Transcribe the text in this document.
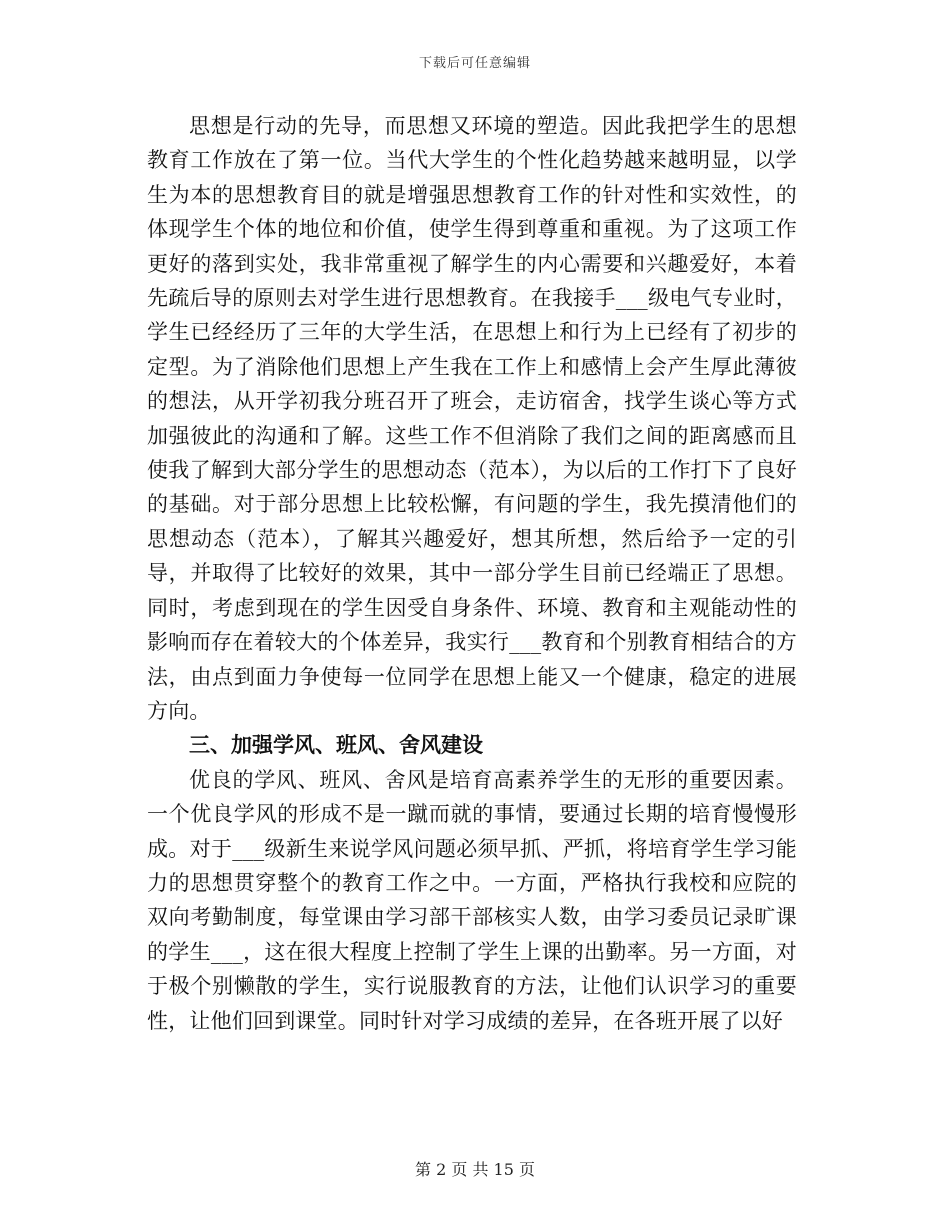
下载后可任意编辑

思想是行动的先导，而思想又环境的塑造。因此我把学生的思想教育工作放在了第一位。当代大学生的个性化趋势越来越明显，以学生为本的思想教育目的就是增强思想教育工作的针对性和实效性，的体现学生个体的地位和价值，使学生得到尊重和重视。为了这项工作更好的落到实处，我非常重视了解学生的内心需要和兴趣爱好，本着先疏后导的原则去对学生进行思想教育。在我接手___级电气专业时，学生已经经历了三年的大学生活，在思想上和行为上已经有了初步的定型。为了消除他们思想上产生我在工作上和感情上会产生厚此薄彼的想法，从开学初我分班召开了班会，走访宿舍，找学生谈心等方式加强彼此的沟通和了解。这些工作不但消除了我们之间的距离感而且使我了解到大部分学生的思想动态（范本），为以后的工作打下了良好的基础。对于部分思想上比较松懈，有问题的学生，我先摸清他们的思想动态（范本），了解其兴趣爱好，想其所想，然后给予一定的引导，并取得了比较好的效果，其中一部分学生目前已经端正了思想。同时，考虑到现在的学生因受自身条件、环境、教育和主观能动性的影响而存在着较大的个体差异，我实行___教育和个别教育相结合的方法，由点到面力争使每一位同学在思想上能又一个健康，稳定的进展方向。

三、加强学风、班风、舍风建设

优良的学风、班风、舍风是培育高素养学生的无形的重要因素。一个优良学风的形成不是一蹴而就的事情，要通过长期的培育慢慢形成。对于___级新生来说学风问题必须早抓、严抓，将培育学生学习能力的思想贯穿整个的教育工作之中。一方面，严格执行我校和应院的双向考勤制度，每堂课由学习部干部核实人数，由学习委员记录旷课的学生___，这在很大程度上控制了学生上课的出勤率。另一方面，对于极个别懒散的学生，实行说服教育的方法，让他们认识学习的重要性，让他们回到课堂。同时针对学习成绩的差异，在各班开展了以好

第 2 页 共 15 页
